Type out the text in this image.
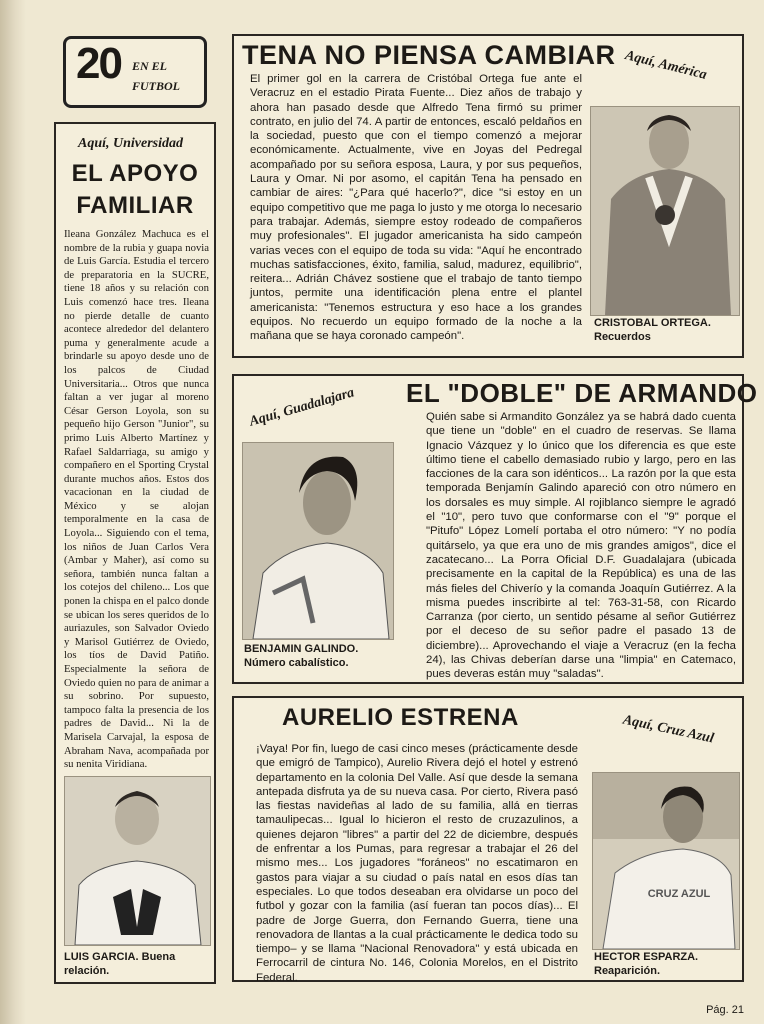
20 EN EL
FUTBOL
Aquí, Universidad
EL APOYO
FAMILIAR

Ileana González Machuca es el nombre de la rubia y guapa novia de Luis García. Estudia el tercero de preparatoria en la SUCRE, tiene 18 años y su relación con Luis comenzó hace tres. Ileana no pierde detalle de cuanto acontece alrededor del delantero puma y generalmente acude a brindarle su apoyo desde uno de los palcos de Ciudad Universitaria... Otros que nunca faltan a ver jugar al moreno César Gerson Loyola, son su pequeño hijo Gerson "Junior", su primo Luis Alberto Martínez y Rafael Saldarriaga, su amigo y compañero en el Sporting Crystal durante muchos años. Estos dos vacacionan en la ciudad de México y se alojan temporalmente en la casa de Loyola... Siguiendo con el tema, los niños de Juan Carlos Vera (Ambar y Maher), así como su señora, también nunca faltan a los cotejos del chileno... Los que ponen la chispa en el palco donde se ubican los seres queridos de lo auriazules, son Salvador Oviedo y Marisol Gutiérrez de Oviedo, los tíos de David Patiño. Especialmente la señora de Oviedo quien no para de animar a su sobrino. Por supuesto, tampoco falta la presencia de los padres de David... Ni la de Marisela Carvajal, la esposa de Abraham Nava, acompañada por su nenita Viridiana.

LUIS GARCIA. Buena relación.
TENA NO PIENSA CAMBIAR Aquí, América

El primer gol en la carrera de Cristóbal Ortega fue ante el Veracruz en el estadio Pirata Fuente... Diez años de trabajo y ahora han pasado desde que Alfredo Tena firmó su primer contrato, en julio del 74. A partir de entonces, escaló peldaños en la sociedad, puesto que con el tiempo comenzó a mejorar económicamente. Actualmente, vive en Joyas del Pedregal acompañado por su señora esposa, Laura, y por sus pequeños, Laura y Omar. Ni por asomo, el capitán Tena ha pensado en cambiar de aires: "¿Para qué hacerlo?", dice "si estoy en un equipo competitivo que me paga lo justo y me otorga lo necesario para trabajar. Además, siempre estoy rodeado de compañeros muy profesionales". El jugador americanista ha sido campeón varias veces con el equipo de toda su vida: "Aquí he encontrado muchas satisfacciones, éxito, familia, salud, madurez, equilibrio", reitera... Adrián Chávez sostiene que el trabajo de tanto tiempo juntos, permite una identificación plena entre el plantel americanista: "Tenemos estructura y eso hace a los grandes equipos. No recuerdo un equipo formado de la noche a la mañana que se haya coronado campeón".

CRISTOBAL ORTEGA.
Recuerdos
Aquí, Guadalajara EL "DOBLE" DE ARMANDO

Quién sabe si Armandito González ya se habrá dado cuenta que tiene un "doble" en el cuadro de reservas. Se llama Ignacio Vázquez y lo único que los diferencia es que este último tiene el cabello demasiado rubio y largo, pero en las facciones de la cara son idénticos... La razón por la que esta temporada Benjamín Galindo apareció con otro número en los dorsales es muy simple. Al rojiblanco siempre le agradó el "10", pero tuvo que conformarse con el "9" porque el "Pitufo" López Lomelí portaba el otro número: "Y no podía quitárselo, ya que era uno de mis grandes amigos", dice el zacatecano... La Porra Oficial D.F. Guadalajara (ubicada precisamente en la capital de la República) es una de las más fieles del Chiverío y la comanda Joaquín Gutiérrez. A la misma puedes inscribirte al tel: 763-31-58, con Ricardo Carranza (por cierto, un sentido pésame al señor Gutiérrez por el deceso de su señor padre el pasado 13 de diciembre)... Aprovechando el viaje a Veracruz (en la fecha 24), las Chivas deberían darse una "limpia" en Catemaco, pues deveras están muy "saladas".

BENJAMIN GALINDO.
Número cabalístico.
AURELIO ESTRENA	Aquí, Cruz Azul

¡Vaya! Por fin, luego de casi cinco meses (prácticamente desde que emigró de Tampico), Aurelio Rivera dejó el hotel y estrenó departamento en la colonia Del Valle. Así que desde la semana antepada disfruta ya de su nueva casa. Por cierto, Rivera pasó las fiestas navideñas al lado de su familia, allá en tierras tamaulipecas... Igual lo hicieron el resto de cruzazulinos, a quienes dejaron "libres" a partir del 22 de diciembre, después de enfrentar a los Pumas, para regresar a trabajar el 26 del mismo mes... Los jugadores "foráneos" no escatimaron en gastos para viajar a su ciudad o país natal en esos días tan especiales. Lo que todos deseaban era olvidarse un poco del futbol y gozar con la familia (así fueran tan pocos días)... El padre de Jorge Guerra, don Fernando Guerra, tiene una renovadora de llantas a la cual prácticamente le dedica todo su tiempo– y se llama "Nacional Renovadora" y está ubicada en Ferrocarril de cintura No. 146, Colonia Morelos, en el Distrito Federal.

CRUZ AZUL
HECTOR ESPARZA. Reaparición.
Pág. 21
